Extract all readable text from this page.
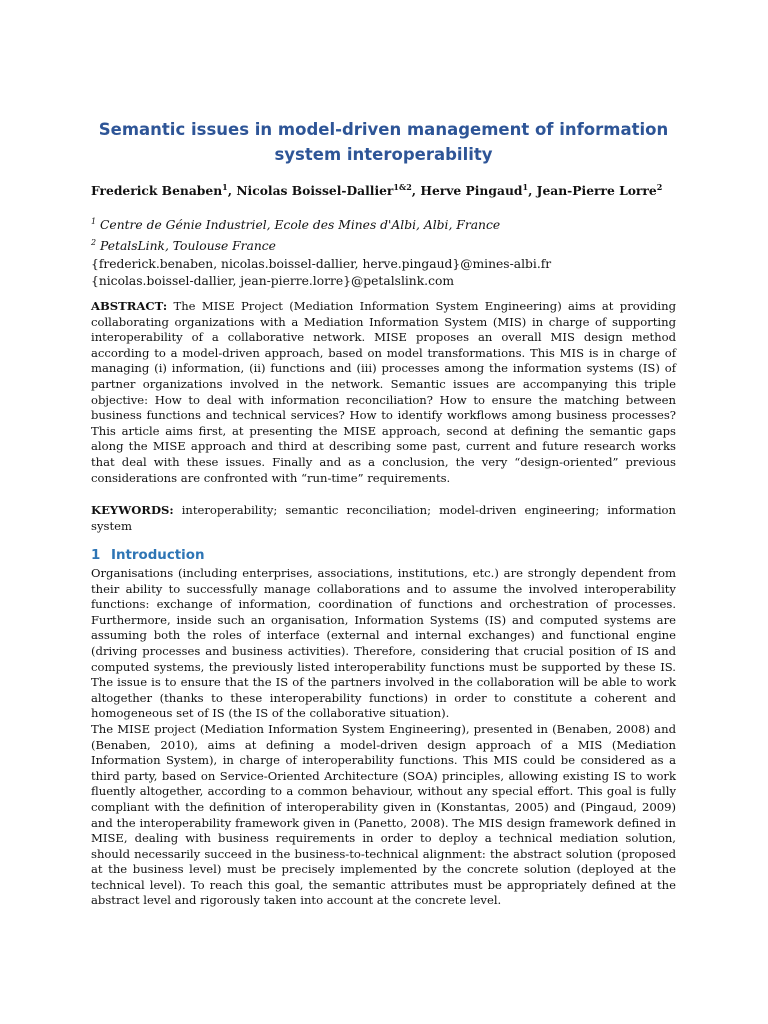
Semantic issues in model-driven management of information
system interoperability
Frederick Benaben$^1$, Nicolas Boissel-Dallier$^{1\&2}$, Herve Pingaud$^1$, Jean-Pierre Lorre$^2$
$^1$ Centre de Génie Industriel, Ecole des Mines d'Albi, Albi, France
$^2$ PetalsLink, Toulouse France
{frederick.benaben, nicolas.boissel-dallier, herve.pingaud}@mines-albi.fr
{nicolas.boissel-dallier, jean-pierre.lorre}@petalslink.com

ABSTRACT: The MISE Project (Mediation Information System Engineering) aims at providing collaborating organizations with a Mediation Information System (MIS) in charge of supporting interoperability of a collaborative network. MISE proposes an overall MIS design method according to a model-driven approach, based on model transformations. This MIS is in charge of managing (i) information, (ii) functions and (iii) processes among the information systems (IS) of partner organizations involved in the network. Semantic issues are accompanying this triple objective: How to deal with information reconciliation? How to ensure the matching between business functions and technical services? How to identify workflows among business processes? This article aims first, at presenting the MISE approach, second at defining the semantic gaps along the MISE approach and third at describing some past, current and future research works that deal with these issues. Finally and as a conclusion, the very “design-oriented” previous considerations are confronted with “run-time” requirements.

KEYWORDS: interoperability; semantic reconciliation; model-driven engineering; information system

1 Introduction

Organisations (including enterprises, associations, institutions, etc.) are strongly dependent from their ability to successfully manage collaborations and to assume the involved interoperability functions: exchange of information, coordination of functions and orchestration of processes. Furthermore, inside such an organisation, Information Systems (IS) and computed systems are assuming both the roles of interface (external and internal exchanges) and functional engine (driving processes and business activities). Therefore, considering that crucial position of IS and computed systems, the previously listed interoperability functions must be supported by these IS. The issue is to ensure that the IS of the partners involved in the collaboration will be able to work altogether (thanks to these interoperability functions) in order to constitute a coherent and homogeneous set of IS (the IS of the collaborative situation).

The MISE project (Mediation Information System Engineering), presented in (Benaben, 2008) and (Benaben, 2010), aims at defining a model-driven design approach of a MIS (Mediation Information System), in charge of interoperability functions. This MIS could be considered as a third party, based on Service-Oriented Architecture (SOA) principles, allowing existing IS to work fluently altogether, according to a common behaviour, without any special effort. This goal is fully compliant with the definition of interoperability given in (Konstantas, 2005) and (Pingaud, 2009) and the interoperability framework given in (Panetto, 2008). The MIS design framework defined in MISE, dealing with business requirements in order to deploy a technical mediation solution, should necessarily succeed in the business-to-technical alignment: the abstract solution (proposed at the business level) must be precisely implemented by the concrete solution (deployed at the technical level). To reach this goal, the semantic attributes must be appropriately defined at the abstract level and rigorously taken into account at the concrete level.
